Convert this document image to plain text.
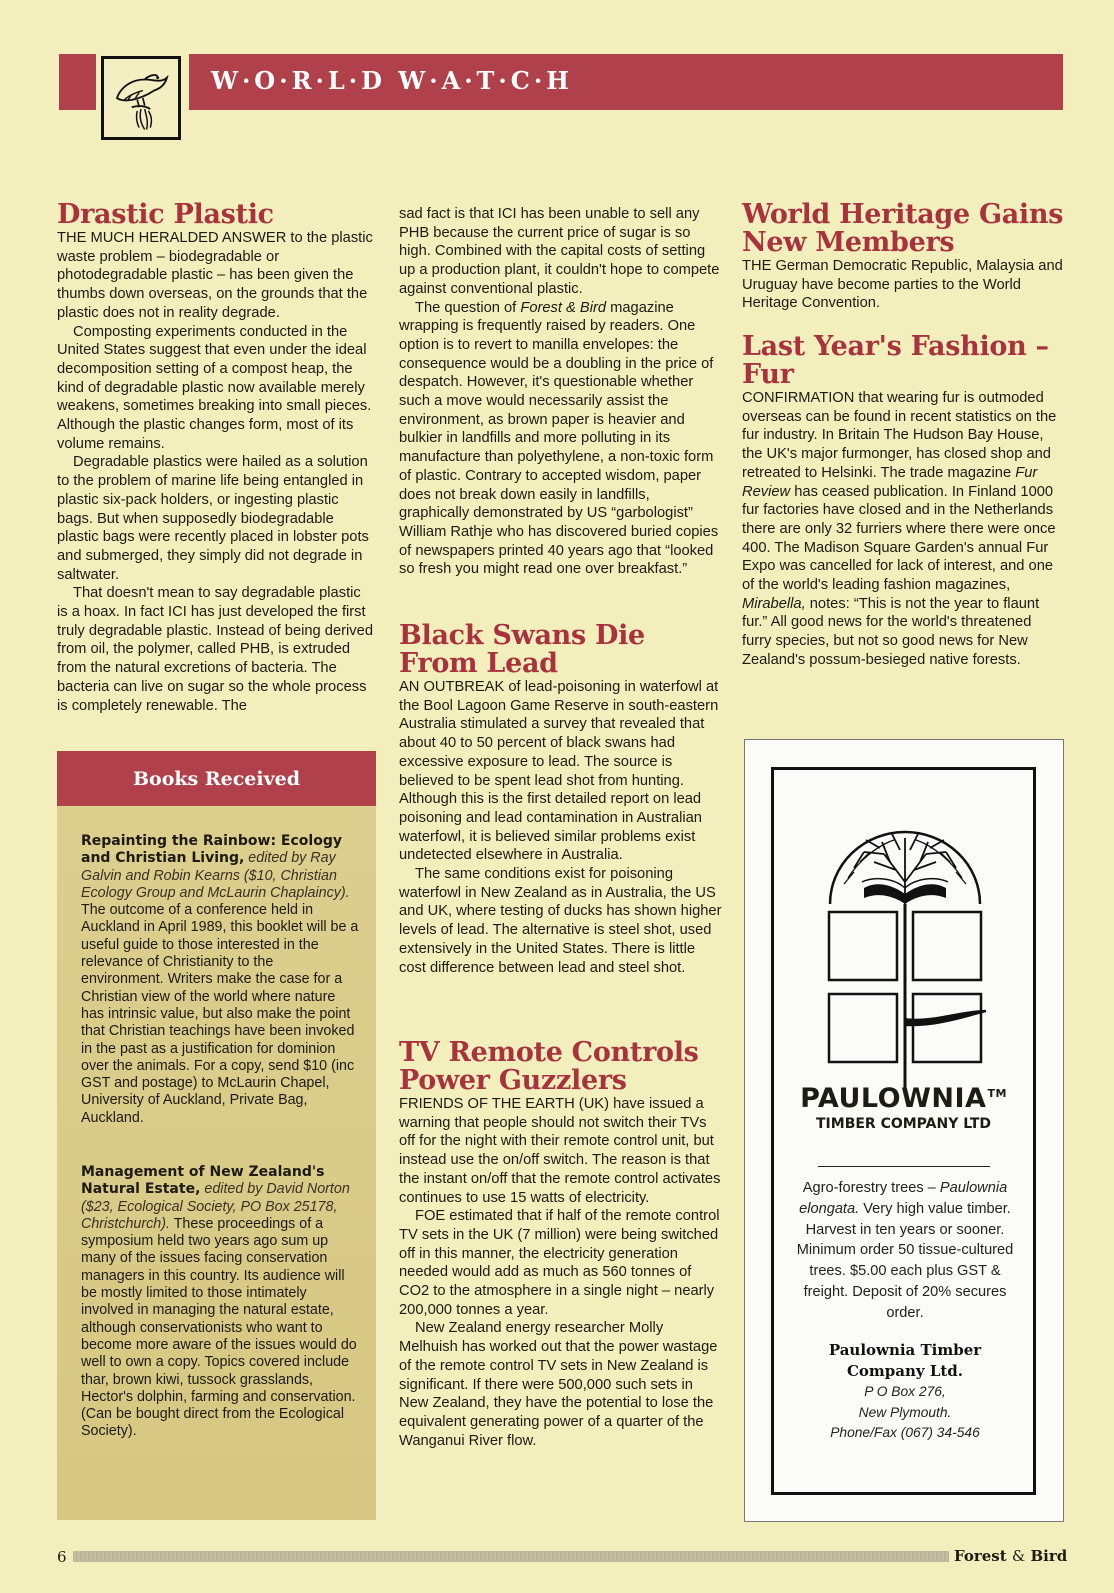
W·O·R·L·D W·A·T·C·H
Drastic Plastic

THE MUCH HERALDED ANSWER to the plastic waste problem – biodegradable or photodegradable plastic – has been given the thumbs down overseas, on the grounds that the plastic does not in reality degrade.

Composting experiments conducted in the United States suggest that even under the ideal decomposition setting of a compost heap, the kind of degradable plastic now available merely weakens, sometimes breaking into small pieces. Although the plastic changes form, most of its volume remains.

Degradable plastics were hailed as a solution to the problem of marine life being entangled in plastic six-pack holders, or ingesting plastic bags. But when supposedly biodegradable plastic bags were recently placed in lobster pots and submerged, they simply did not degrade in saltwater.

That doesn't mean to say degradable plastic is a hoax. In fact ICI has just developed the first truly degradable plastic. Instead of being derived from oil, the polymer, called PHB, is extruded from the natural excretions of bacteria. The bacteria can live on sugar so the whole process is completely renewable. The

sad fact is that ICI has been unable to sell any PHB because the current price of sugar is so high. Combined with the capital costs of setting up a production plant, it couldn't hope to compete against conventional plastic.

The question of Forest & Bird magazine wrapping is frequently raised by readers. One option is to revert to manilla envelopes: the consequence would be a doubling in the price of despatch. However, it's questionable whether such a move would necessarily assist the environment, as brown paper is heavier and bulkier in landfills and more polluting in its manufacture than polyethylene, a non-toxic form of plastic. Contrary to accepted wisdom, paper does not break down easily in landfills, graphically demonstrated by US “garbologist” William Rathje who has discovered buried copies of newspapers printed 40 years ago that “looked so fresh you might read one over breakfast.”

Black Swans Die From Lead

AN OUTBREAK of lead-poisoning in waterfowl at the Bool Lagoon Game Reserve in south-eastern Australia stimulated a survey that revealed that about 40 to 50 percent of black swans had excessive exposure to lead. The source is believed to be spent lead shot from hunting. Although this is the first detailed report on lead poisoning and lead contamination in Australian waterfowl, it is believed similar problems exist undetected elsewhere in Australia.

The same conditions exist for poisoning waterfowl in New Zealand as in Australia, the US and UK, where testing of ducks has shown higher levels of lead. The alternative is steel shot, used extensively in the United States. There is little cost difference between lead and steel shot.

TV Remote Controls Power Guzzlers

FRIENDS OF THE EARTH (UK) have issued a warning that people should not switch their TVs off for the night with their remote control unit, but instead use the on/off switch. The reason is that the instant on/off that the remote control activates continues to use 15 watts of electricity.

FOE estimated that if half of the remote control TV sets in the UK (7 million) were being switched off in this manner, the electricity generation needed would add as much as 560 tonnes of CO2 to the atmosphere in a single night – nearly 200,000 tonnes a year.

New Zealand energy researcher Molly Melhuish has worked out that the power wastage of the remote control TV sets in New Zealand is significant. If there were 500,000 such sets in New Zealand, they have the potential to lose the equivalent generating power of a quarter of the Wanganui River flow.

World Heritage Gains New Members

THE German Democratic Republic, Malaysia and Uruguay have become parties to the World Heritage Convention.

Last Year's Fashion – Fur

CONFIRMATION that wearing fur is outmoded overseas can be found in recent statistics on the fur industry. In Britain The Hudson Bay House, the UK's major furmonger, has closed shop and retreated to Helsinki. The trade magazine Fur Review has ceased publication. In Finland 1000 fur factories have closed and in the Netherlands there are only 32 furriers where there were once 400. The Madison Square Garden's annual Fur Expo was cancelled for lack of interest, and one of the world's leading fashion magazines, Mirabella, notes: “This is not the year to flaunt fur.” All good news for the world's threatened furry species, but not so good news for New Zealand's possum-besieged native forests.

Books Received

Repainting the Rainbow: Ecology and Christian Living, edited by Ray Galvin and Robin Kearns ($10, Christian Ecology Group and McLaurin Chaplaincy). The outcome of a conference held in Auckland in April 1989, this booklet will be a useful guide to those interested in the relevance of Christianity to the environment. Writers make the case for a Christian view of the world where nature has intrinsic value, but also make the point that Christian teachings have been invoked in the past as a justification for dominion over the animals. For a copy, send $10 (inc GST and postage) to McLaurin Chapel, University of Auckland, Private Bag, Auckland.

Management of New Zealand's Natural Estate, edited by David Norton ($23, Ecological Society, PO Box 25178, Christchurch). These proceedings of a symposium held two years ago sum up many of the issues facing conservation managers in this country. Its audience will be mostly limited to those intimately involved in managing the natural estate, although conservationists who want to become more aware of the issues would do well to own a copy. Topics covered include thar, brown kiwi, tussock grasslands, Hector's dolphin, farming and conservation. (Can be bought direct from the Ecological Society).

PAULOWNIA™
TIMBER COMPANY LTD
Agro-forestry trees – Paulownia elongata. Very high value timber. Harvest in ten years or sooner. Minimum order 50 tissue-cultured trees. $5.00 each plus GST & freight. Deposit of 20% secures order.
Paulownia Timber
Company Ltd.
P O Box 276,
New Plymouth.
Phone/Fax (067) 34-546
6	Forest & Bird
